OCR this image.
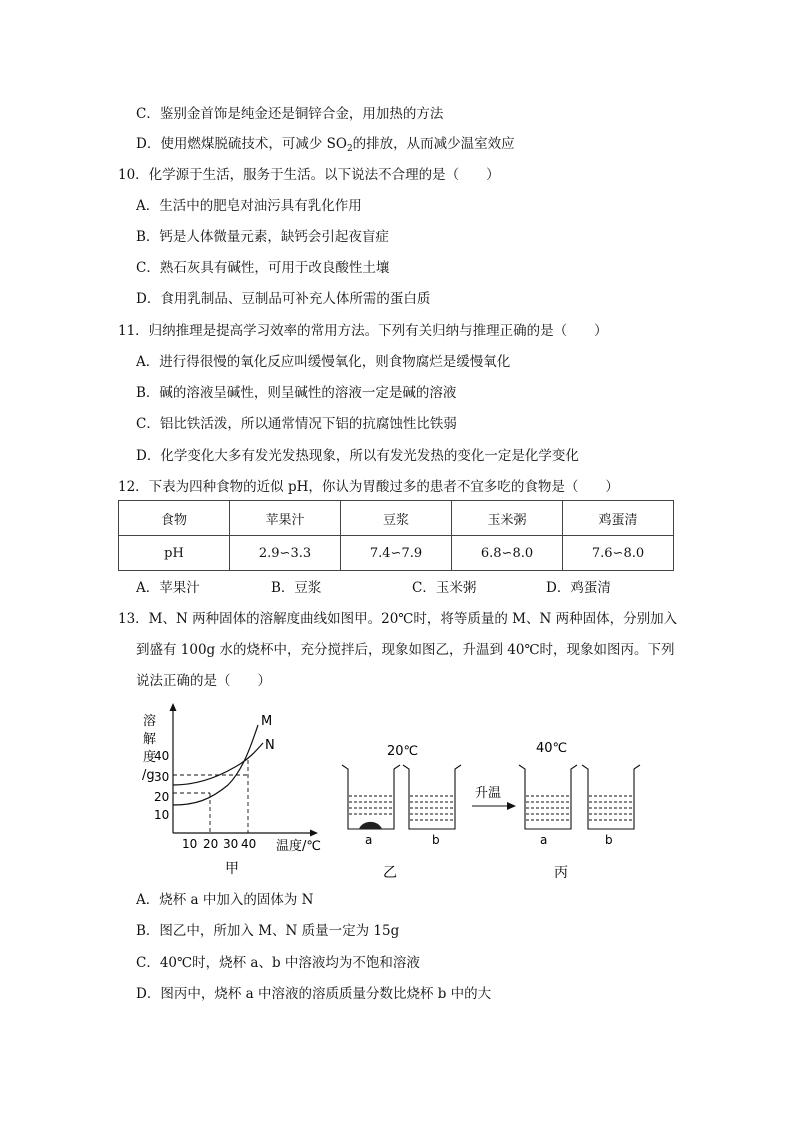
C．鉴别金首饰是纯金还是铜锌合金，用加热的方法
D．使用燃煤脱硫技术，可减少 $SO_2$的排放，从而减少温室效应
10．化学源于生活，服务于生活。以下说法不合理的是（　　）
A．生活中的肥皂对油污具有乳化作用
B．钙是人体微量元素，缺钙会引起夜盲症
C．熟石灰具有碱性，可用于改良酸性土壤
D．食用乳制品、豆制品可补充人体所需的蛋白质
11．归纳推理是提高学习效率的常用方法。下列有关归纳与推理正确的是（　　）
A．进行得很慢的氧化反应叫缓慢氧化，则食物腐烂是缓慢氧化
B．碱的溶液呈碱性，则呈碱性的溶液一定是碱的溶液
C．铝比铁活泼，所以通常情况下铝的抗腐蚀性比铁弱
D．化学变化大多有发光发热现象，所以有发光发热的变化一定是化学变化
12．下表为四种食物的近似 pH，你认为胃酸过多的患者不宜多吃的食物是（　　）
食物	苹果汁	豆浆	玉米粥	鸡蛋清
pH	2.9∽3.3	7.4∽7.9	6.8∽8.0	7.6∽8.0
A．苹果汁	B．豆浆	C．玉米粥	D．鸡蛋清
13．M、N 两种固体的溶解度曲线如图甲。20℃时，将等质量的 M、N 两种固体，分别加入
到盛有 100g 水的烧杯中，充分搅拌后，现象如图乙，升温到 40℃时，现象如图丙。下列
说法正确的是（　　）
溶
解
度
/g
40
30
20
10
10 20 30 40 温度/℃
M
N
甲
20℃
a	b
乙
升温
40℃
a	b
丙
A．烧杯 a 中加入的固体为 N
B．图乙中，所加入 M、N 质量一定为 15g
C．40℃时，烧杯 a、b 中溶液均为不饱和溶液
D．图丙中，烧杯 a 中溶液的溶质质量分数比烧杯 b 中的大
